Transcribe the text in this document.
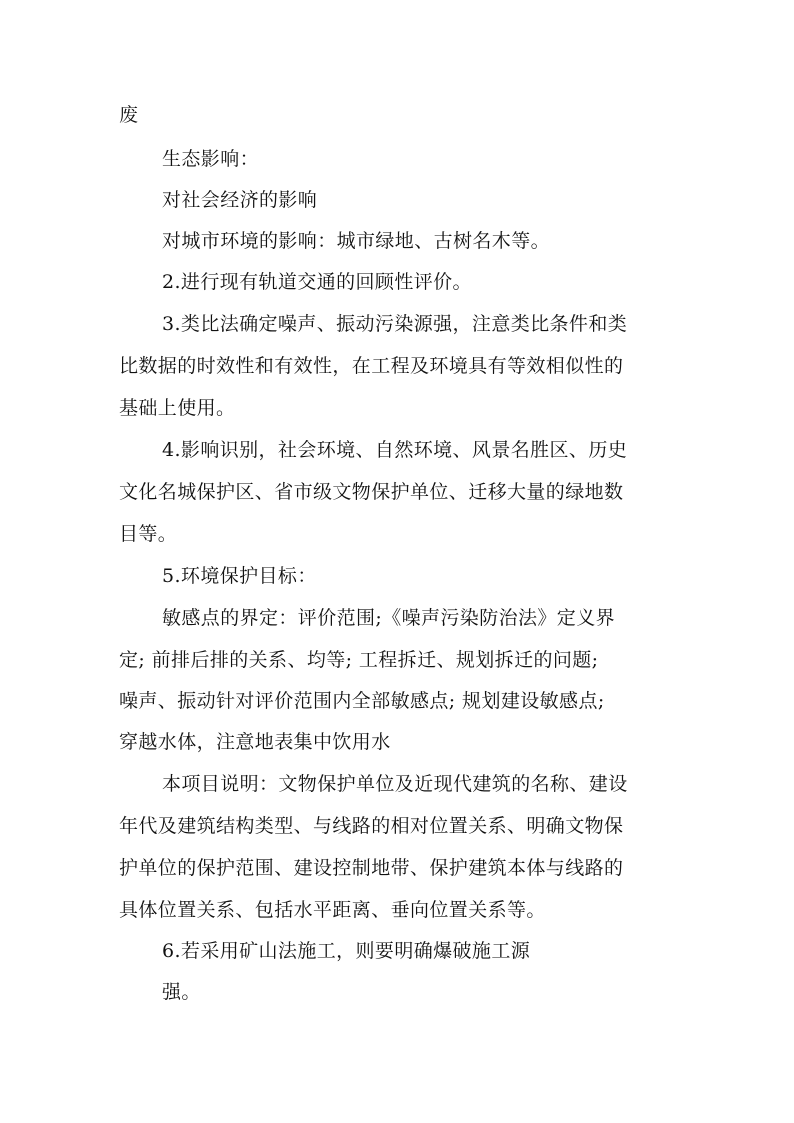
废
生态影响：
对社会经济的影响
对城市环境的影响：城市绿地、古树名木等。
2.进行现有轨道交通的回顾性评价。
3.类比法确定噪声、振动污染源强，注意类比条件和类
比数据的时效性和有效性，在工程及环境具有等效相似性的
基础上使用。
4.影响识别，社会环境、自然环境、风景名胜区、历史
文化名城保护区、省市级文物保护单位、迁移大量的绿地数
目等。
5.环境保护目标：
敏感点的界定：评价范围;《噪声污染防治法》定义界
定; 前排后排的关系、均等; 工程拆迁、规划拆迁的问题;
噪声、振动针对评价范围内全部敏感点; 规划建设敏感点;
穿越水体，注意地表集中饮用水
本项目说明：文物保护单位及近现代建筑的名称、建设
年代及建筑结构类型、与线路的相对位置关系、明确文物保
护单位的保护范围、建设控制地带、保护建筑本体与线路的
具体位置关系、包括水平距离、垂向位置关系等。
6.若采用矿山法施工，则要明确爆破施工源
强。
